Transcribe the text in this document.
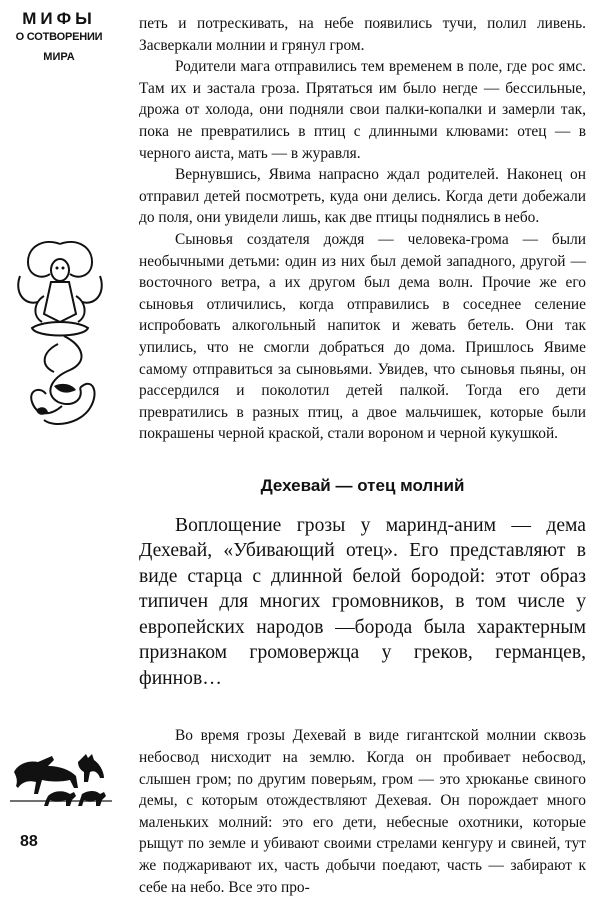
МИФЫ
О СОТВОРЕНИИ
МИРА
88

петь и потрескивать, на небе появились тучи, полил ливень. Засверкали молнии и грянул гром.

Родители мага отправились тем временем в поле, где рос ямс. Там их и застала гроза. Прятаться им было негде — бессильные, дрожа от холода, они подняли свои палки-копалки и замерли так, пока не превратились в птиц с длинными клювами: отец — в черного аиста, мать — в журавля.

Вернувшись, Явима напрасно ждал родителей. Наконец он отправил детей посмотреть, куда они делись. Когда дети добежали до поля, они увидели лишь, как две птицы поднялись в небо.

Сыновья создателя дождя — человека-грома — были необычными детьми: один из них был демой западного, другой — восточного ветра, а их другом был дема волн. Прочие же его сыновья отличились, когда отправились в соседнее селение испробовать алкогольный напиток и жевать бетель. Они так упились, что не смогли добраться до дома. Пришлось Явиме самому отправиться за сыновьями. Увидев, что сыновья пьяны, он рассердился и поколотил детей палкой. Тогда его дети превратились в разных птиц, а двое мальчишек, которые были покрашены черной краской, стали вороном и черной кукушкой.

Дехевай — отец молний

Воплощение грозы у маринд-аним — дема Дехевай, «Убивающий отец». Его представляют в виде старца с длинной белой бородой: этот образ типичен для многих громовников, в том числе у европейских народов —борода была характерным признаком громовержца у греков, германцев, финнов…

Во время грозы Дехевай в виде гигантской молнии сквозь небосвод нисходит на землю. Когда он пробивает небосвод, слышен гром; по другим поверьям, гром — это хрюканье свиного демы, с которым отождествляют Дехевая. Он порождает много маленьких молний: это его дети, небесные охотники, которые рыщут по земле и убивают своими стрелами кенгуру и свиней, тут же поджаривают их, часть добычи поедают, часть — забирают к себе на небо. Все это про-
